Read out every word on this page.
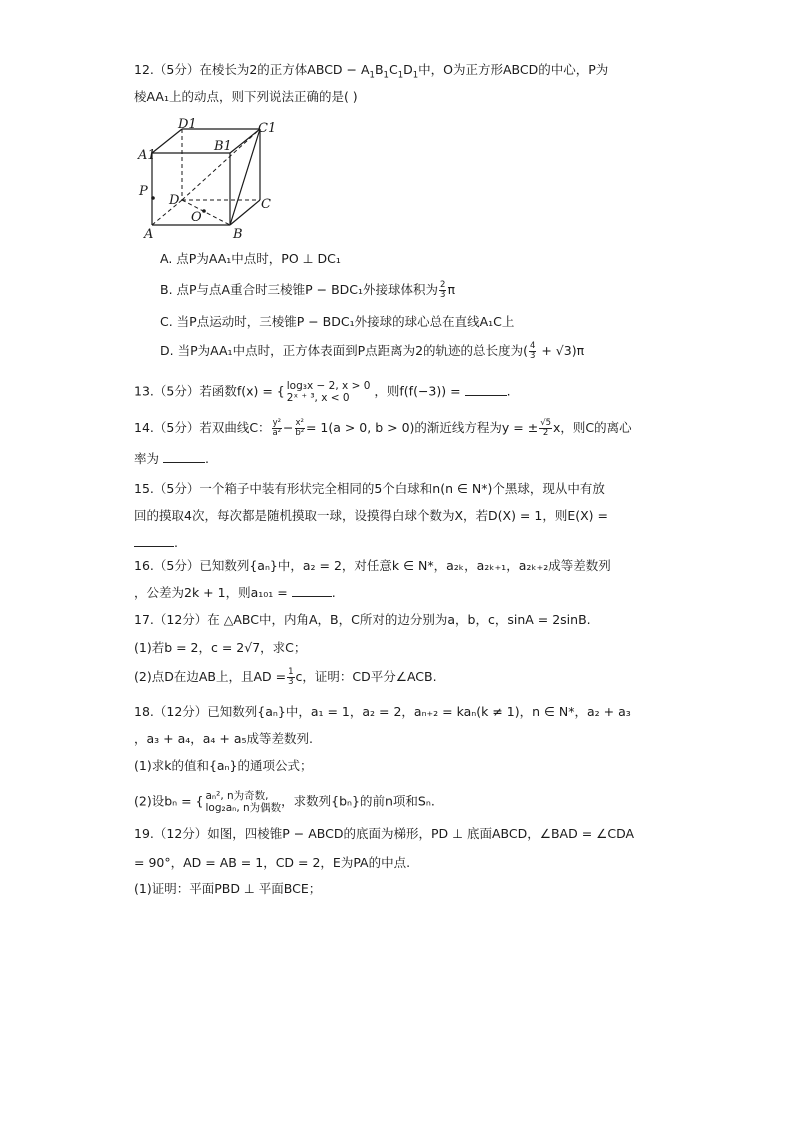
12.（5分）在棱长为2的正方体ABCD − $A_1B_1C_1D_1$中，O为正方形ABCD的中心，P为
棱AA₁上的动点，则下列说法正确的是( )
D1	C1
A1
B1
P
D	C
O
A	B
A. 点P为AA₁中点时，PO ⊥ DC₁
B. 点P与点A重合时三棱锥P − BDC₁外接球体积为 $\frac{2}{3}$ π
C. 当P点运动时，三棱锥P − BDC₁外接球的球心总在直线A₁C上
D. 当P为AA₁中点时，正方体表面到P点距离为2的轨迹的总长度为( $\frac{4}{3} + √3)\pi$
13.（5分）若函数f(x) = { log₃x − 2, x > 0
2ˣ ⁺ ³, x < 0	，则f(f(−3)) =	.
14.（5分）若双曲线C： $\frac{\text{y²}}{\text{a²}} - \frac{\text{x²}}{\text{b²}} = 1(a > 0$, b > 0)的渐近线方程为y = ± $\frac{√5}{2}$ x，则C的离心
率为	.
15.（5分）一个箱子中装有形状完全相同的5个白球和n(n ∈ N*)个黑球，现从中有放
回的摸取4次，每次都是随机摸取一球，设摸得白球个数为X，若D(X) = 1，则E(X) =
.
16.（5分）已知数列{aₙ}中，a₂ = 2，对任意k ∈ N*，a₂ₖ，a₂ₖ₊₁，a₂ₖ₊₂成等差数列
，公差为2k + 1，则a₁₀₁ =	.
17.（12分）在 △ABC中，内角A，B，C所对的边分别为a，b，c，sinA = 2sinB.
(1)若b = 2，c = 2√7，求C；
(2)点D在边AB上，且AD = $\frac{1}{3}$ c，证明：CD平分∠ACB.
18.（12分）已知数列{aₙ}中，a₁ = 1，a₂ = 2，aₙ₊₂ = kaₙ(k ≠ 1)，n ∈ N*，a₂ + a₃
，a₃ + a₄，a₄ + a₅成等差数列.
(1)求k的值和{aₙ}的通项公式；
(2)设bₙ = { aₙ², n为奇数,
log₂aₙ, n为偶数 ，求数列{bₙ}的前n项和Sₙ.
19.（12分）如图，四棱锥P − ABCD的底面为梯形，PD ⊥ 底面ABCD，∠BAD = ∠CDA
= 90°，AD = AB = 1，CD = 2，E为PA的中点.
(1)证明：平面PBD ⊥ 平面BCE；
